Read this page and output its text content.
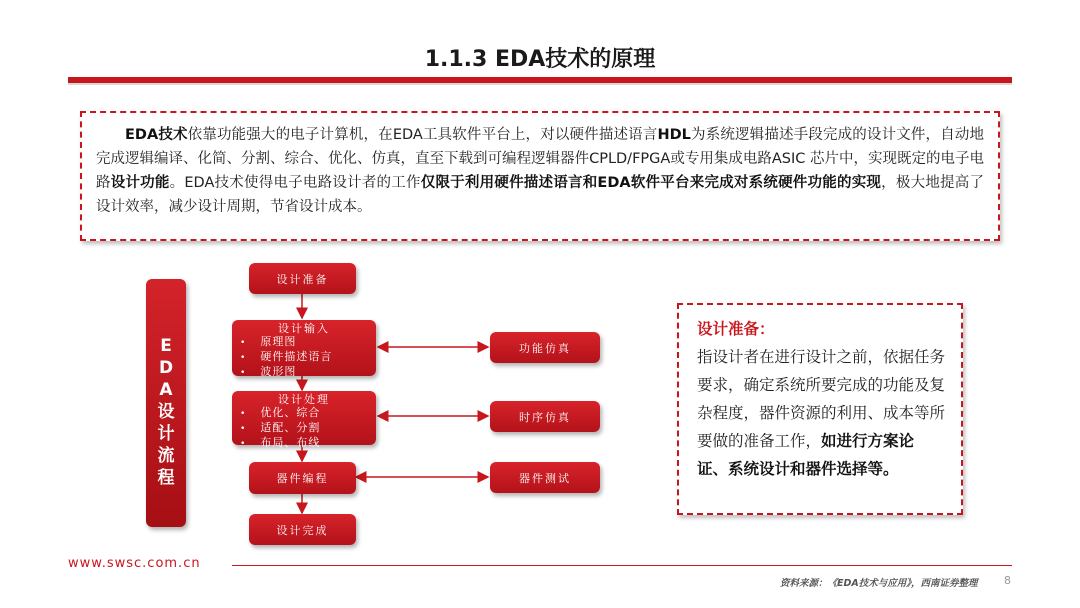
1.1.3 EDA技术的原理

EDA技术依靠功能强大的电子计算机，在EDA工具软件平台上，对以硬件描述语言HDL为系统逻辑描述手段完成的设计文件，自动地完成逻辑编译、化简、分割、综合、优化、仿真，直至下载到可编程逻辑器件CPLD/FPGA或专用集成电路ASIC 芯片中，实现既定的电子电路设计功能。EDA技术使得电子电路设计者的工作仅限于利用硬件描述语言和EDA软件平台来完成对系统硬件功能的实现，极大地提高了设计效率，减少设计周期，节省设计成本。

E
D
A
设
计
流
程
设计准备
设计输入
• 原理图
• 硬件描述语言
• 波形图
设计处理
• 优化、综合
• 适配、分割
• 布局、布线
器件编程
设计完成
功能仿真
时序仿真
器件测试
设计准备：
指设计者在进行设计之前，依据任务要求，确定系统所要完成的功能及复杂程度，器件资源的利用、成本等所要做的准备工作，如进行方案论证、系统设计和器件选择等。
www.swsc.com.cn
资料来源：《EDA技术与应用》，西南证券整理 8
